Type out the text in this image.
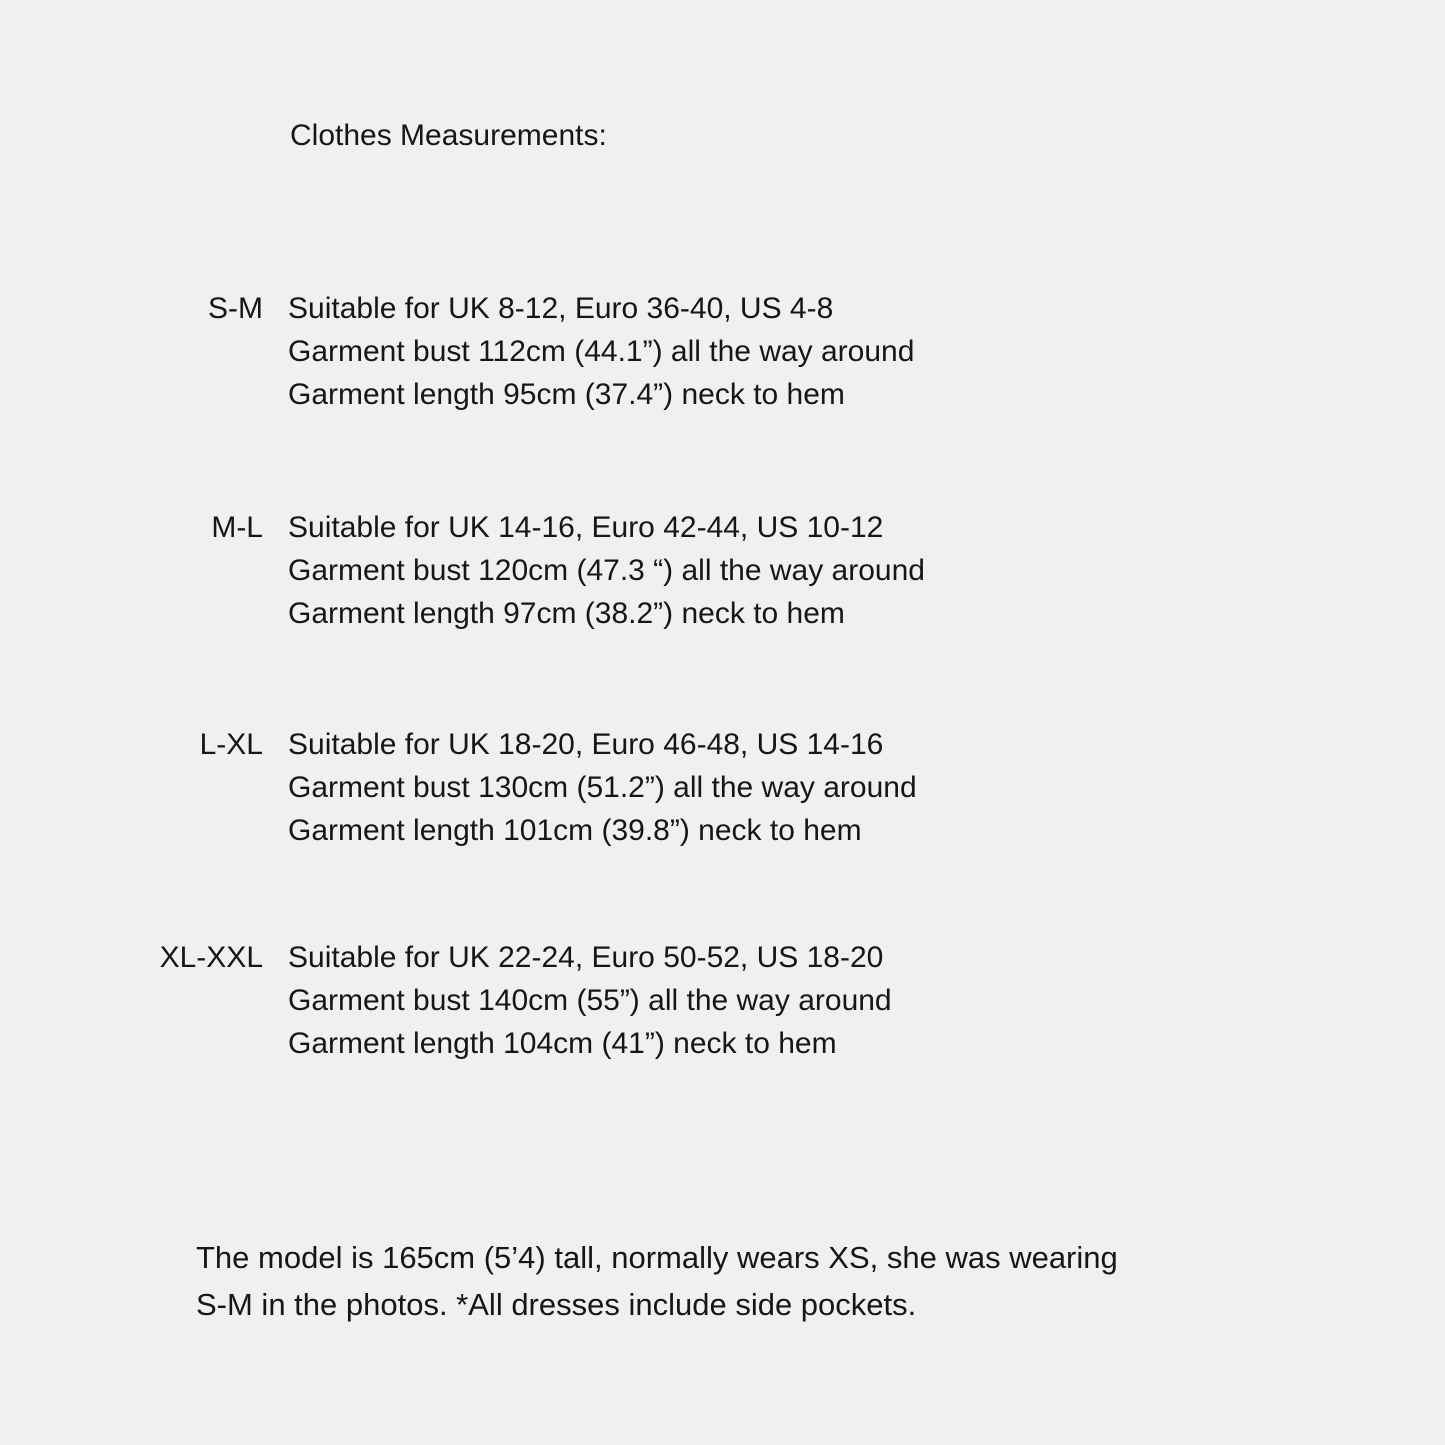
Clothes Measurements:
S-M Suitable for UK 8-12, Euro 36-40, US 4-8
Garment bust 112cm (44.1”) all the way around
Garment length 95cm (37.4”) neck to hem
M-L Suitable for UK 14-16, Euro 42-44, US 10-12
Garment bust 120cm (47.3 “) all the way around
Garment length 97cm (38.2”) neck to hem
L-XL Suitable for UK 18-20, Euro 46-48, US 14-16
Garment bust 130cm (51.2”) all the way around
Garment length 101cm (39.8”) neck to hem
XL-XXL Suitable for UK 22-24, Euro 50-52, US 18-20
Garment bust 140cm (55”) all the way around
Garment length 104cm (41”) neck to hem
The model is 165cm (5’4) tall, normally wears XS, she was wearing
S-M in the photos. *All dresses include side pockets.
